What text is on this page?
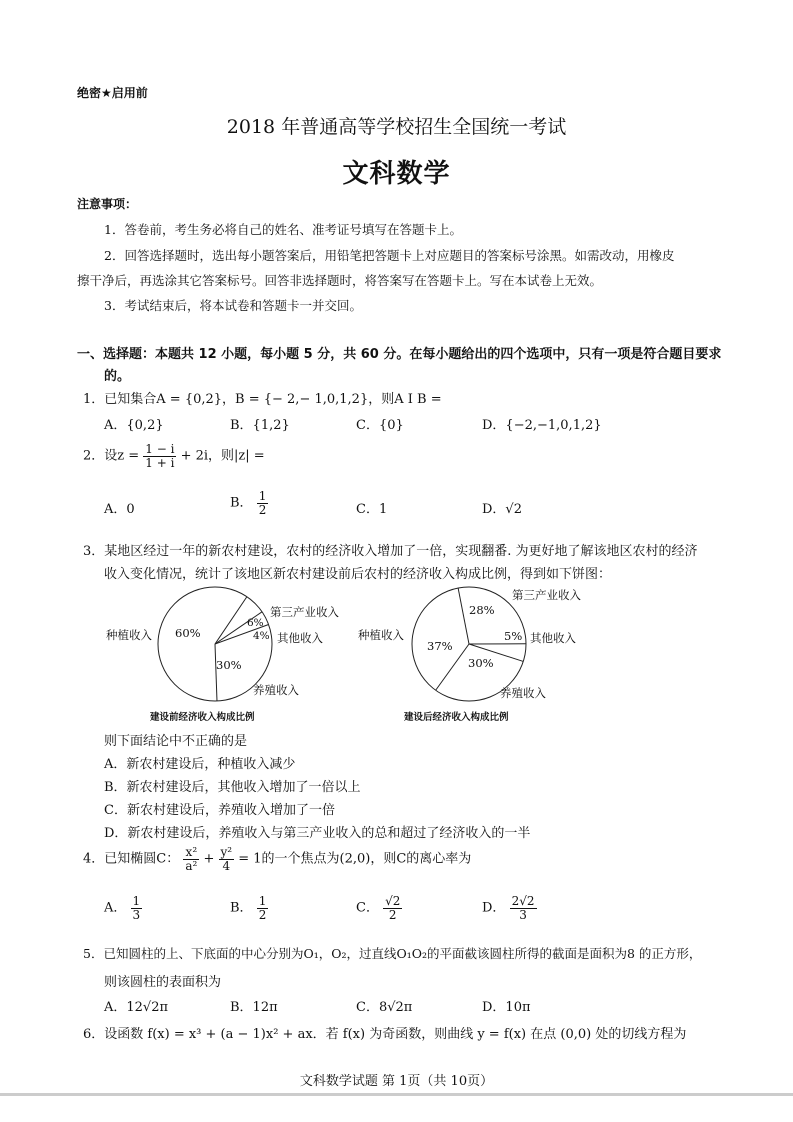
绝密★启用前
2018 年普通高等学校招生全国统一考试
文科数学
注意事项：
1．答卷前，考生务必将自己的姓名、准考证号填写在答题卡上。
2．回答选择题时，选出每小题答案后，用铅笔把答题卡上对应题目的答案标号涂黑。如需改动，用橡皮
擦干净后，再选涂其它答案标号。回答非选择题时，将答案写在答题卡上。写在本试卷上无效。
3．考试结束后，将本试卷和答题卡一并交回。
一、选择题：本题共 12 小题，每小题 5 分，共 60 分。在每小题给出的四个选项中，只有一项是符合题目要求
的。
1．已知集合A = {0,2}，B = {− 2,− 1,0,1,2}，则A I B =
A．{0,2}	B．{1,2}	C．{0}	D．{−2,−1,0,1,2}
2．设$z = \frac{1 - i}{1 + i} + 2i$，则|z| =
A．0	B． $\frac{1}{2}$	C．1	D．√2
3．某地区经过一年的新农村建设，农村的经济收入增加了一倍，实现翻番. 为更好地了解该地区农村的经济
收入变化情况，统计了该地区新农村建设前后农村的经济收入构成比例，得到如下饼图：
种植收入
第三产业收入
其他收入
养殖收入
60%
6%
4%
30%
建设前经济收入构成比例
种植收入
第三产业收入
其他收入
养殖收入
37%
28%
5%
30%
建设后经济收入构成比例
则下面结论中不正确的是
A．新农村建设后，种植收入减少
B．新农村建设后，其他收入增加了一倍以上
C．新农村建设后，养殖收入增加了一倍
D．新农村建设后，养殖收入与第三产业收入的总和超过了经济收入的一半
4．已知椭圆C： $\frac{\text{x²}}{\text{a²}} + \frac{\text{y²}}{4} = 1$的一个焦点为(2,0)，则C的离心率为
A． $\frac{1}{3}$	B． $\frac{1}{2}$	C． $\frac{√2}{2}$	D． $\frac{2√2}{3}$
5．已知圆柱的上、下底面的中心分别为O₁，O₂，过直线O₁O₂的平面截该圆柱所得的截面是面积为8 的正方形，
则该圆柱的表面积为
A．12√2π	B．12π	C．8√2π	D．10π
6．设函数 f(x) = x³ + (a − 1)x² + ax．若 f(x) 为奇函数，则曲线 y = f(x) 在点 (0,0) 处的切线方程为
文科数学试题 第 1页（共 10页）
